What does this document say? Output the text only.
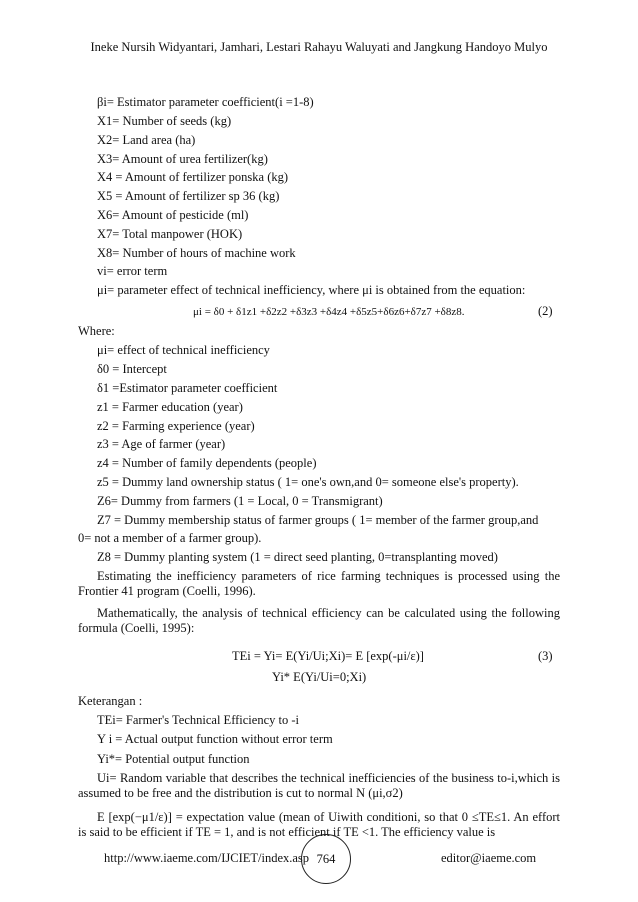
Ineke Nursih Widyantari, Jamhari, Lestari Rahayu Waluyati and Jangkung Handoyo Mulyo
βi= Estimator parameter coefficient(i =1-8)
X1= Number of seeds (kg)
X2= Land area (ha)
X3= Amount of urea fertilizer(kg)
X4 = Amount of fertilizer ponska (kg)
X5 = Amount of fertilizer sp 36 (kg)
X6= Amount of pesticide (ml)
X7= Total manpower (HOK)
X8= Number of hours of machine work
vi= error term
μi= parameter effect of technical inefficiency, where μi is obtained from the equation:
μi = δ0 + δ1z1 +δ2z2 +δ3z3 +δ4z4 +δ5z5+δ6z6+δ7z7 +δ8z8.	(2)
Where:
μi= effect of technical inefficiency
δ0 = Intercept
δ1 =Estimator parameter coefficient
z1 = Farmer education (year)
z2 = Farming experience (year)
z3 = Age of farmer (year)
z4 = Number of family dependents (people)
z5 = Dummy land ownership status ( 1= one's own,and 0= someone else's property).
Z6= Dummy from farmers (1 = Local, 0 = Transmigrant)
Z7 = Dummy membership status of farmer groups ( 1= member of the farmer group,and
0= not a member of a farmer group).
Z8 = Dummy planting system (1 = direct seed planting, 0=transplanting moved)
Estimating the inefficiency parameters of rice farming techniques is processed using the Frontier 41 program (Coelli, 1996).
Mathematically, the analysis of technical efficiency can be calculated using the following formula (Coelli, 1995):
TEi = Yi= E(Yi/Ui;Xi)= E [exp(-μi/ε)]	(3)
Yi* E(Yi/Ui=0;Xi)
Keterangan :
TEi= Farmer's Technical Efficiency to -i
Y i = Actual output function without error term
Yi*= Potential output function
Ui= Random variable that describes the technical inefficiencies of the business to-i,which is assumed to be free and the distribution is cut to normal N (μi,σ2)
E [exp(−μ1/ε)] = expectation value (mean of Uiwith conditioni, so that 0 ≤TE≤1. An effort is said to be efficient if TE = 1, and is not efficient if TE <1. The efficiency value is
http://www.iaeme.com/IJCIET/index.asp 764	editor@iaeme.com
